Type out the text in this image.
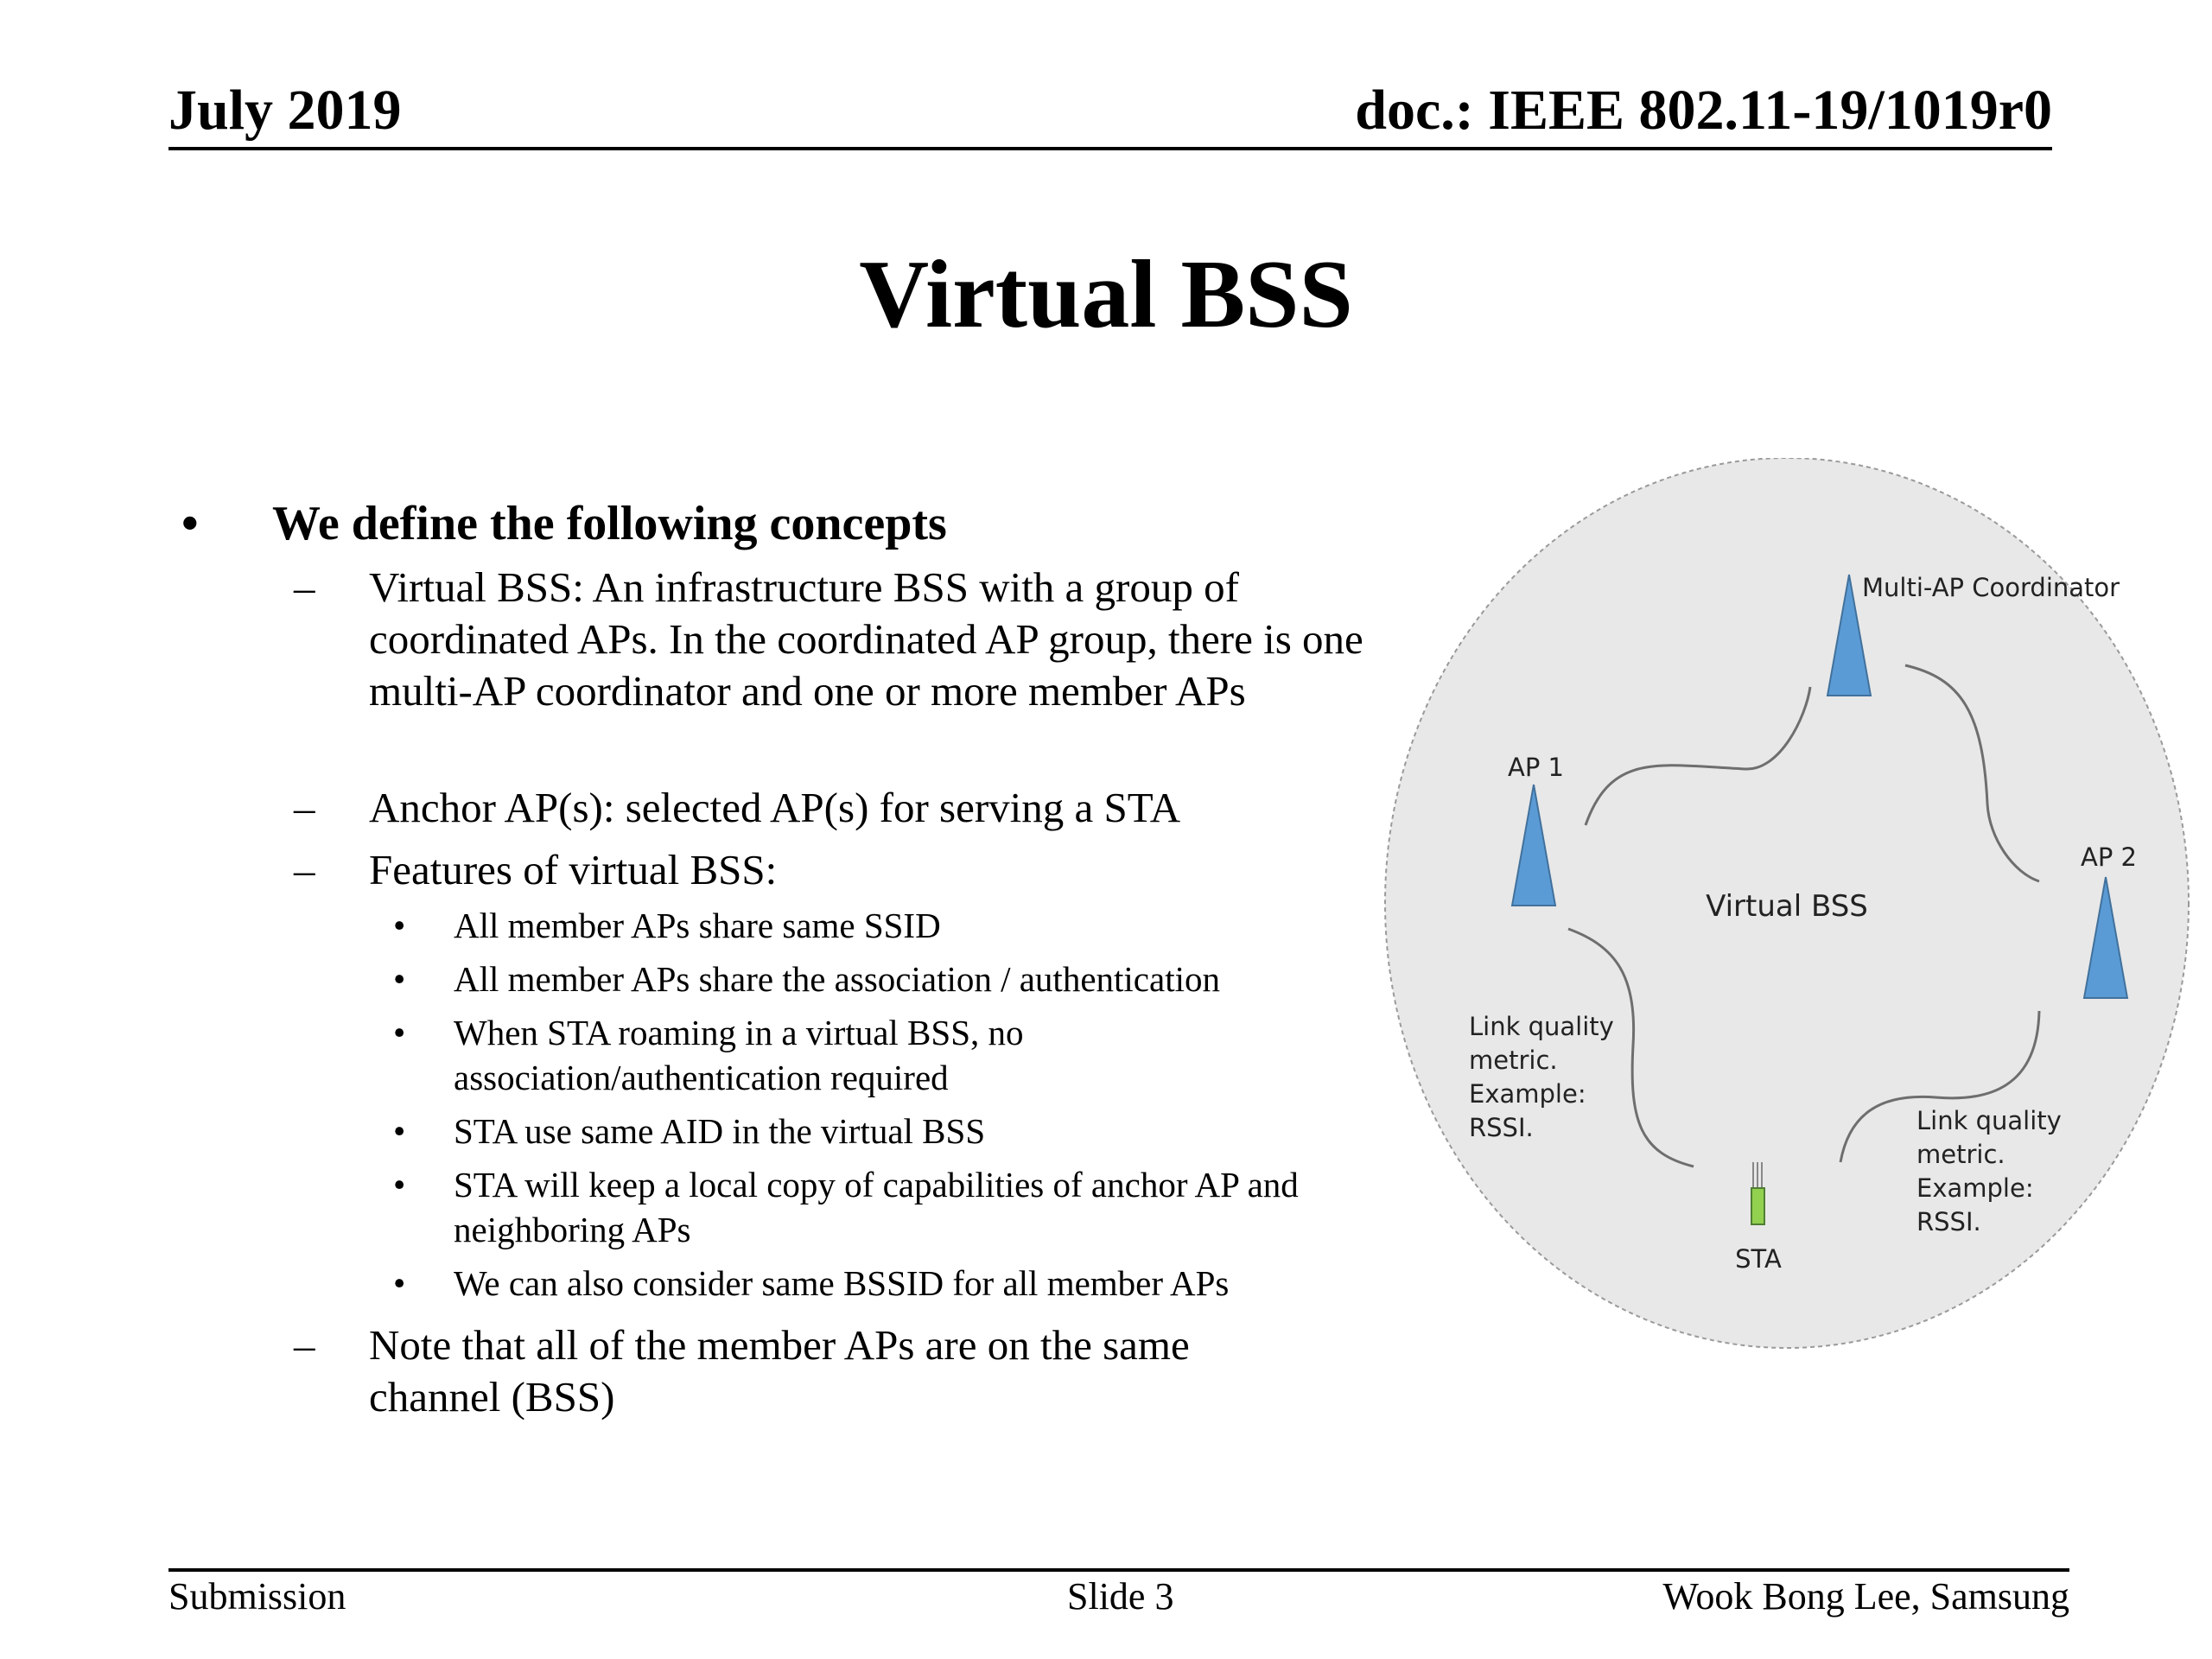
July 2019	doc.: IEEE 802.11-19/1019r0
Virtual BSS
• We define the following concepts
– Virtual BSS: An infrastructure BSS with a group of coordinated APs. In the coordinated AP group, there is one multi-AP coordinator and one or more member APs
– Anchor AP(s): selected AP(s) for serving a STA
– Features of virtual BSS:
• All member APs share same SSID
• All member APs share the association / authentication
• When STA roaming in a virtual BSS, no association/authentication required
• STA use same AID in the virtual BSS
• STA will keep a local copy of capabilities of anchor AP and neighboring APs
• We can also consider same BSSID for all member APs
– Note that all of the member APs are on the same channel (BSS)
Multi-AP Coordinator
AP 1
AP 2
Virtual BSS
STA
Link quality metric. Example: RSSI.	Link quality metric. Example: RSSI.
Submission	Slide 3	Wook Bong Lee, Samsung
